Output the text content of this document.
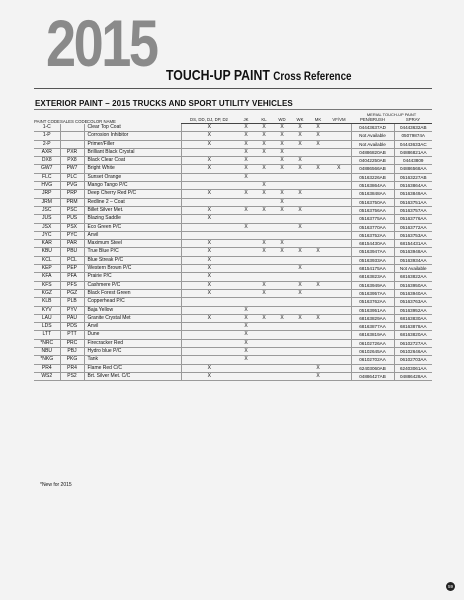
2015 TOUCH-UP PAINT Cross Reference
EXTERIOR PAINT – 2015 TRUCKS AND SPORT UTILITY VEHICLES
PAINT CODE	SALES CODE	COLOR NAME								MERIAL TOUCH-UP PAINT	
			DS, DD, DJ, DP, D2	JK	KL	WD	WK	MK	VF/VM	PEN/BRUSH	SPRAY
1-C		Clear Top Coat	X	X	X	X	X	X		04443637AD	04443632AB
1-P		Corrosion Inhibitor	X	X	X	X	X	X		Not Available	05079874A
2-P		Primer/Filler	X	X	X	X	X	X		Not Available	04443633AC
AXR	PXR	Brilliant Black Crystal		X	X	X				04886820AB	04886821AA
DX8	PX8	Black Clear Coat	X	X		X	X			04042250AB	04443809
GW7	PW7	Bright White	X	X	X	X	X	X	X	04886566AB	04886568AA
FLC	PLC	Sunset Orange		X						05163226AB	05163227AB
HVG	PVG	Mango Tango P/C			X					05163864AA	05163864AA
JRP	PRP	Deep Cherry Red P/C	X	X	X	X	X			05163848AA	05163849AA
JRM	PRM	Redline 2 – Coat				X				05163750AA	05163751AA
JSC	PSC	Billet Silver Met.	X	X	X	X	X			05163756AA	05163757AA
JUS	PUS	Blazing Saddle	X							05163775AA	05163776AA
JSX	PSX	Eco Green P/C		X			X			05163770AA	05163772AA
JYC	PYC	Anvil								05163752AA	05163753AA
KAR	PAR	Maximum Steel	X		X	X				68154430AA	68154431AA
KBU	PBU	True Blue P/C	X		X	X	X	X		05163947AA	05163948AA
KCL	PCL	Blue Streak P/C	X							05163933AA	05163934AA
KEP	PEP	Western Brown P/C	X				X			68154175AA	Not Available
KFA	PFA	Prairie P/C	X							68163823AA	68163822AA
KFS	PFS	Cashmere P/C	X		X		X	X		05163949AA	05163950AA
KGZ	PGZ	Black Forest Green	X		X		X			05163957AA	05163940AA
KLB	PLB	Copperhead P/C								05163762AA	05163763AA
KYV	PYV	Baja Yellow		X						05163951AA	05163952AA
LAU	PAU	Granite Crystal Met	X	X	X	X	X	X		68163829AA	68163830AA
LDS	PDS	Anvil		X						68163877AA	68163878AA
LTT	PTT	Dune		X						68163819AA	68163820AA
*NRC	PRC	Firecracker Red		X						06102726AA	06102727AA
NBU	PBJ	Hydro blue P/C		X						06102645AA	06102646AA
*NKG	PKG	Tank		X						06102702AA	06102703AA
PR4	PR4	Flame Red C/C	X					X		62403060AB	62403061AA
WS2	PS2	Brt. Silver Met. C/C	X					X		04886427AB	04886428AA
*New for 2015
59
